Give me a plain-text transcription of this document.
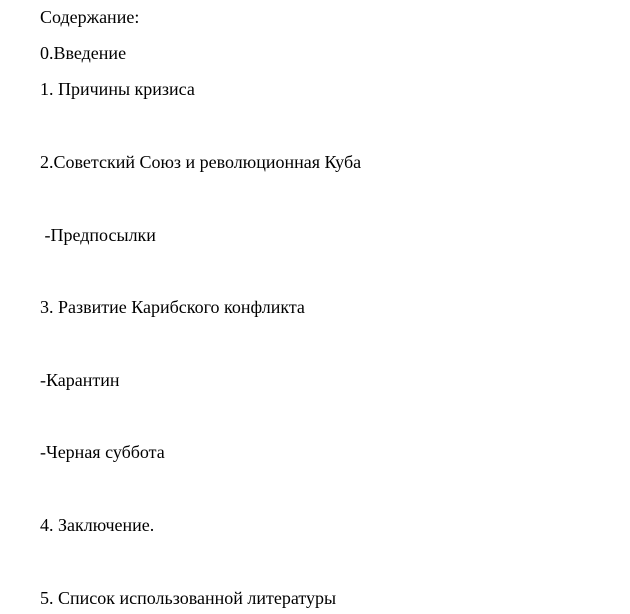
Содержание:
0.Введение
1. Причины кризиса
2.Советский Союз и революционная Куба
-Предпосылки
3. Развитие Карибского конфликта
-Карантин
-Черная суббота
4. Заключение.
5. Список использованной литературы
